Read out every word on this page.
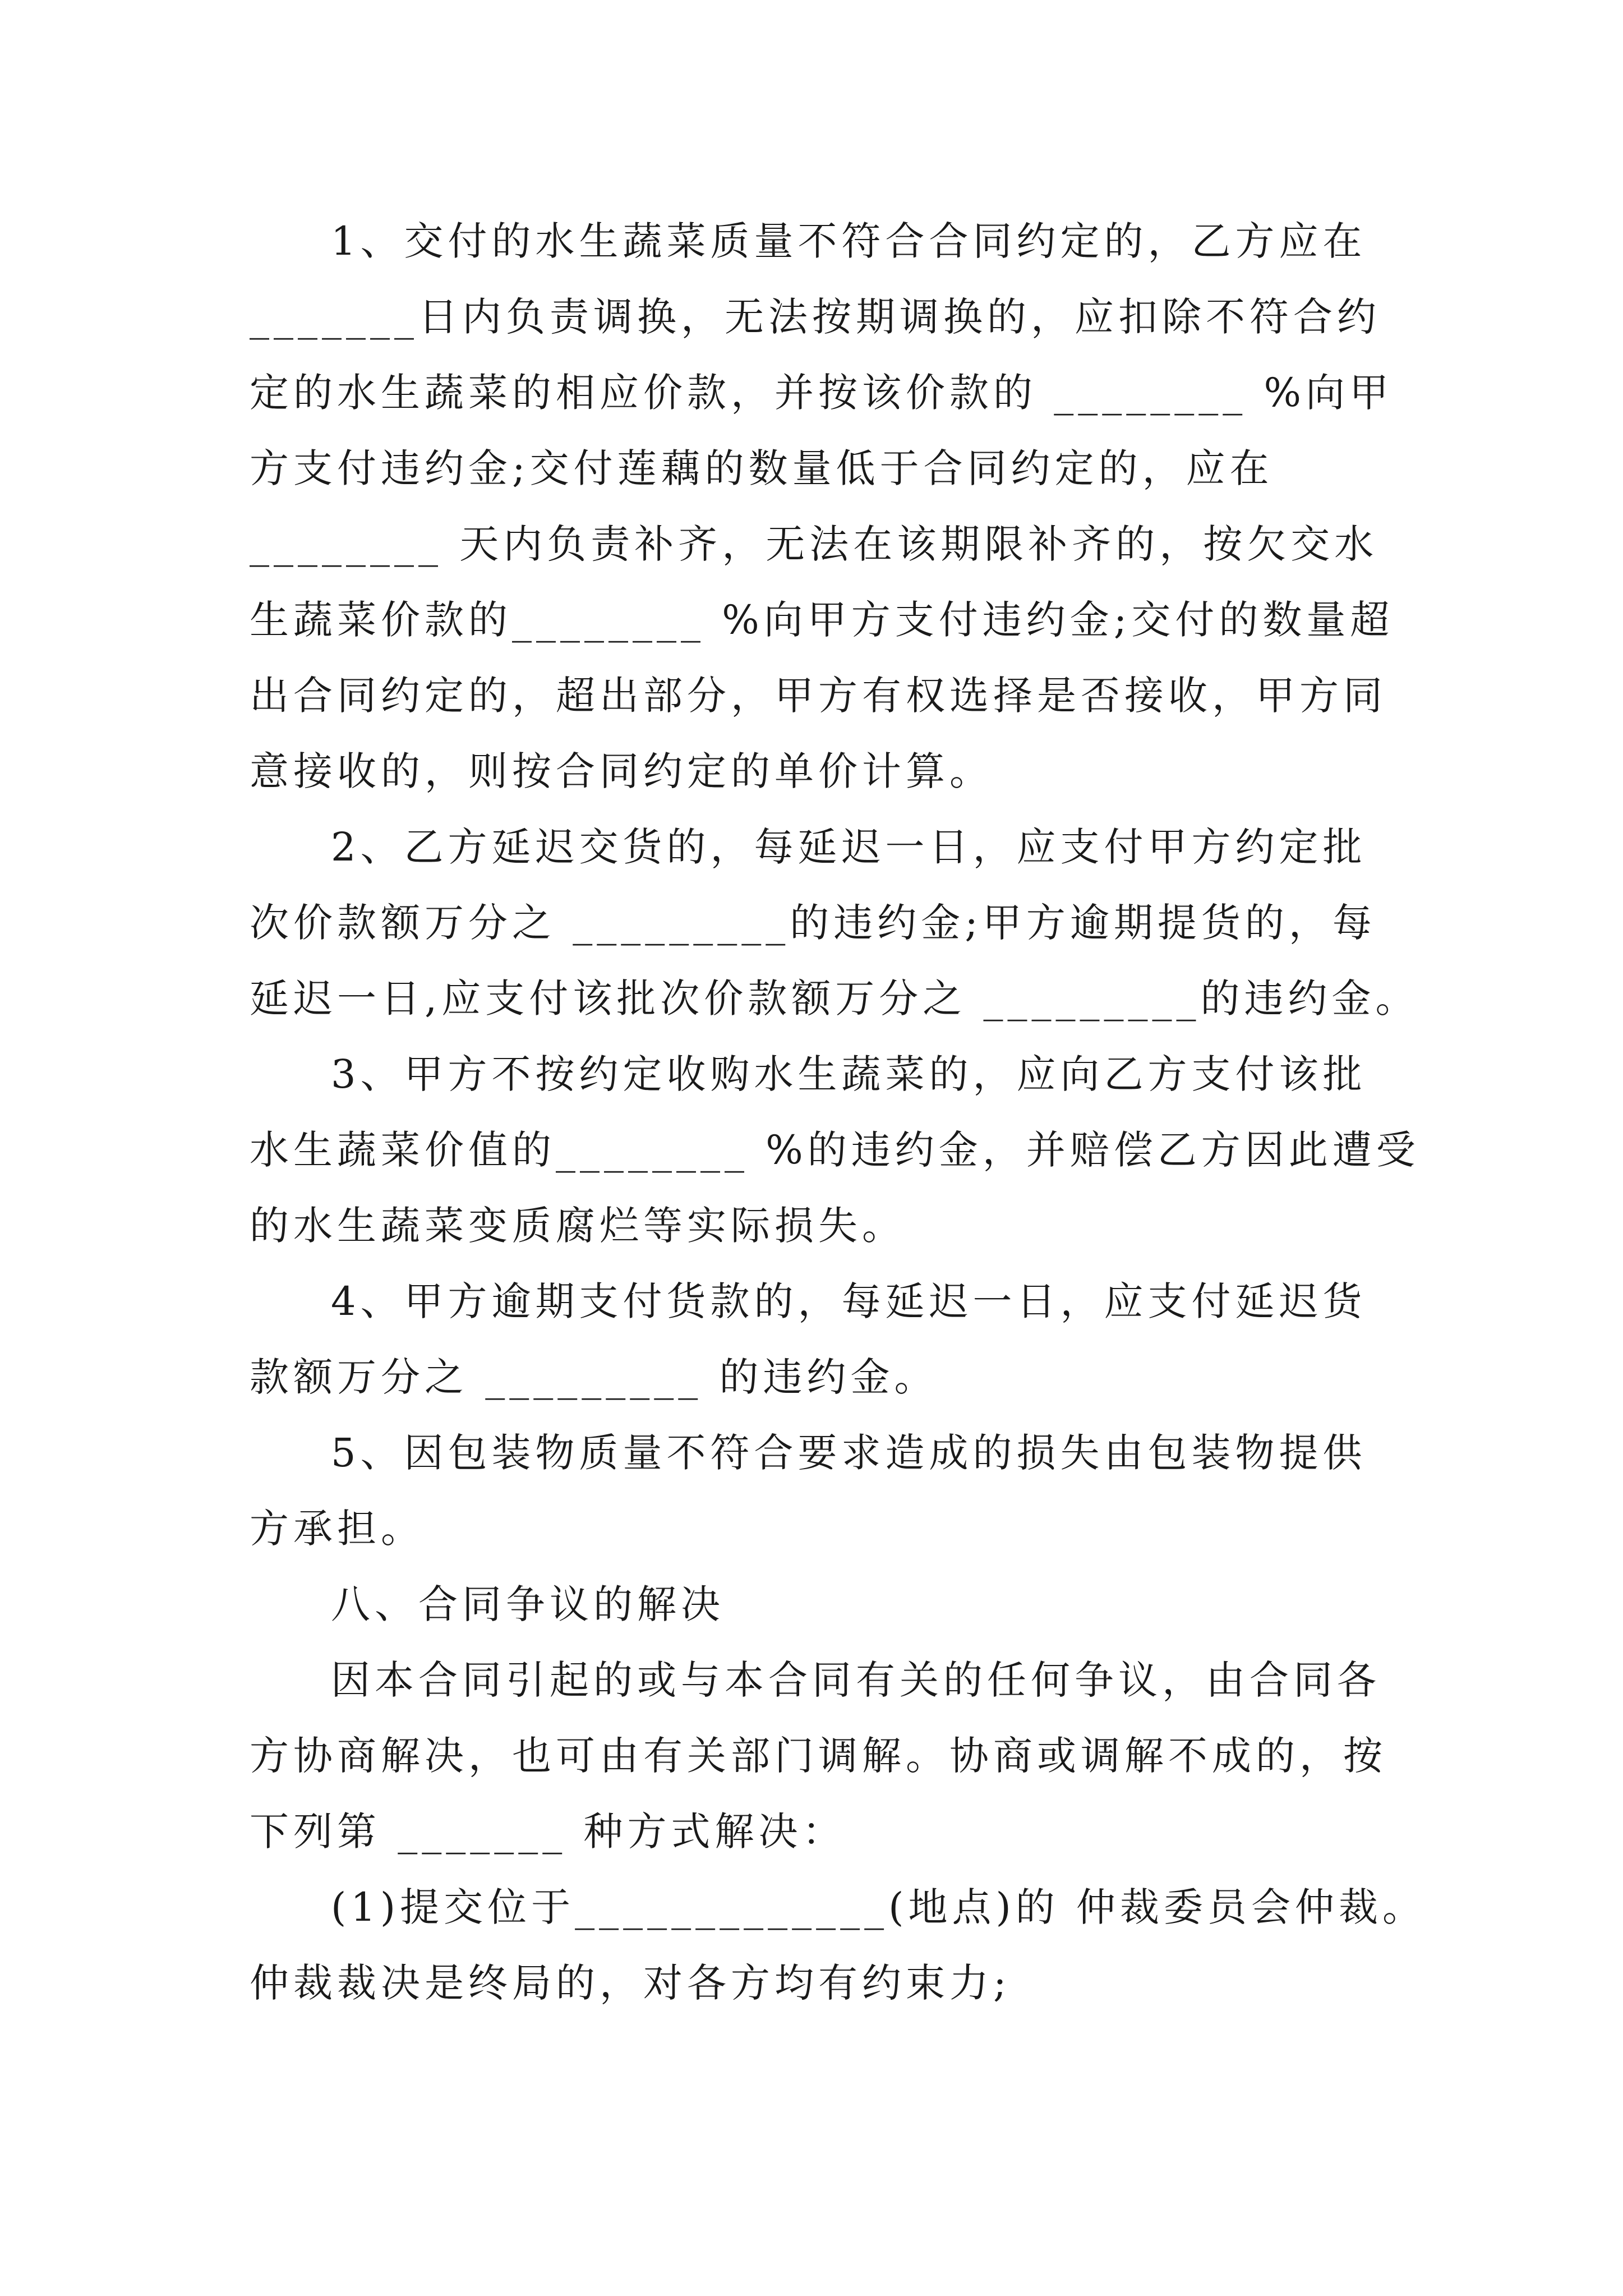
1、交付的水生蔬菜质量不符合合同约定的，乙方应在
_______日内负责调换，无法按期调换的，应扣除不符合约
定的水生蔬菜的相应价款，并按该价款的 ________ %向甲
方支付违约金;交付莲藕的数量低于合同约定的，应在
________ 天内负责补齐，无法在该期限补齐的，按欠交水
生蔬菜价款的________ %向甲方支付违约金;交付的数量超
出合同约定的，超出部分，甲方有权选择是否接收，甲方同
意接收的，则按合同约定的单价计算。
2、乙方延迟交货的，每延迟一日，应支付甲方约定批
次价款额万分之 _________的违约金;甲方逾期提货的，每
延迟一日,应支付该批次价款额万分之 _________的违约金。
3、甲方不按约定收购水生蔬菜的，应向乙方支付该批
水生蔬菜价值的________ %的违约金，并赔偿乙方因此遭受
的水生蔬菜变质腐烂等实际损失。
4、甲方逾期支付货款的，每延迟一日，应支付延迟货
款额万分之 _________ 的违约金。
5、因包装物质量不符合要求造成的损失由包装物提供
方承担。
八、合同争议的解决
因本合同引起的或与本合同有关的任何争议，由合同各
方协商解决，也可由有关部门调解。协商或调解不成的，按
下列第 _______ 种方式解决：
(1)提交位于_____________(地点)的 仲裁委员会仲裁。
仲裁裁决是终局的，对各方均有约束力;
